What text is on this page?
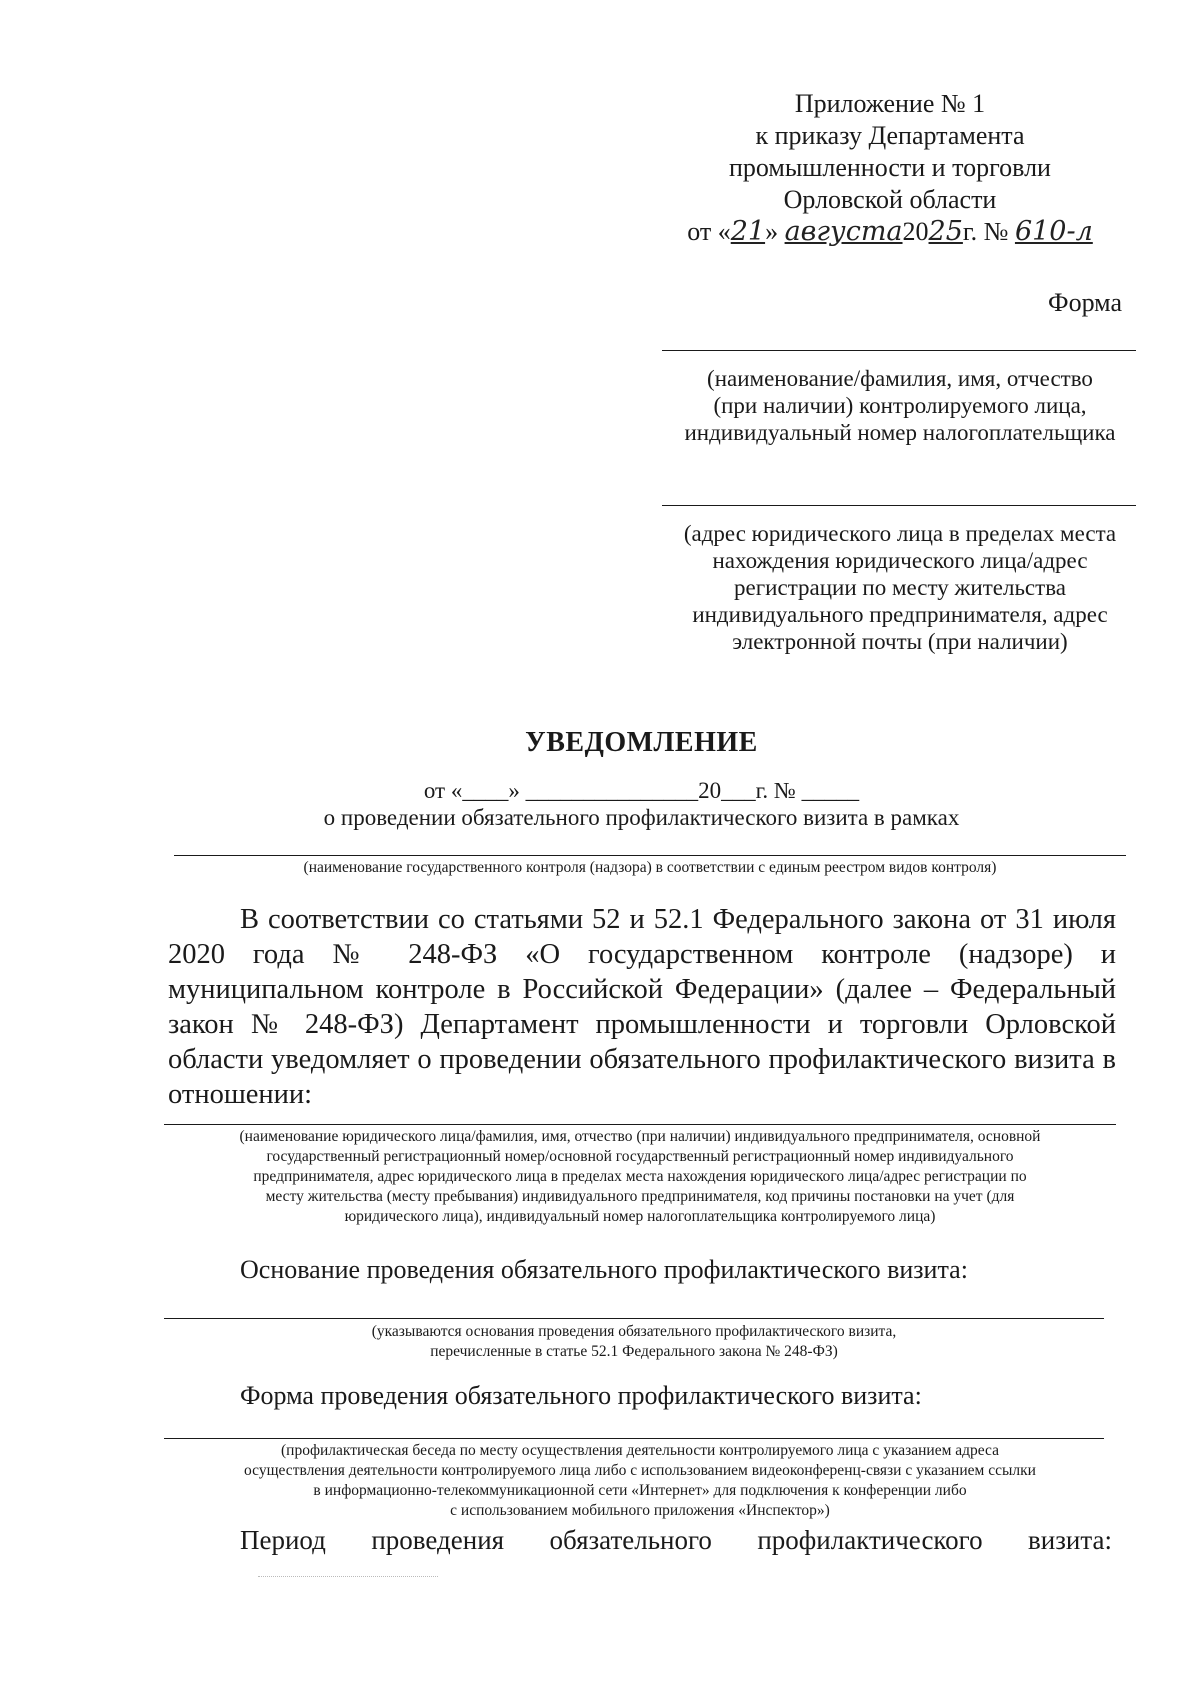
Приложение № 1
к приказу Департамента
промышленности и торговли
Орловской области
от «21» августа2025г. № 610-л
Форма
(наименование/фамилия, имя, отчество
(при наличии) контролируемого лица,
индивидуальный номер налогоплательщика
(адрес юридического лица в пределах места
нахождения юридического лица/адрес
регистрации по месту жительства
индивидуального предпринимателя, адрес
электронной почты (при наличии)
УВЕДОМЛЕНИЕ
от «____» _______________20___г. № _____
о проведении обязательного профилактического визита в рамках
(наименование государственного контроля (надзора) в соответствии с единым реестром видов контроля)
В соответствии со статьями 52 и 52.1 Федерального закона от 31 июля 2020 года № 248-ФЗ «О государственном контроле (надзоре) и муниципальном контроле в Российской Федерации» (далее – Федеральный закон № 248-ФЗ) Департамент промышленности и торговли Орловской области уведомляет о проведении обязательного профилактического визита в отношении:
(наименование юридического лица/фамилия, имя, отчество (при наличии) индивидуального предпринимателя, основной
государственный регистрационный номер/основной государственный регистрационный номер индивидуального
предпринимателя, адрес юридического лица в пределах места нахождения юридического лица/адрес регистрации по
месту жительства (месту пребывания) индивидуального предпринимателя, код причины постановки на учет (для
юридического лица), индивидуальный номер налогоплательщика контролируемого лица)
Основание проведения обязательного профилактического визита:
(указываются основания проведения обязательного профилактического визита,
перечисленные в статье 52.1 Федерального закона № 248-ФЗ)
Форма проведения обязательного профилактического визита:
(профилактическая беседа по месту осуществления деятельности контролируемого лица с указанием адреса
осуществления деятельности контролируемого лица либо с использованием видеоконференц-связи с указанием ссылки
в информационно-телекоммуникационной сети «Интернет» для подключения к конференции либо
с использованием мобильного приложения «Инспектор»)
Период проведения обязательного профилактического визита:
